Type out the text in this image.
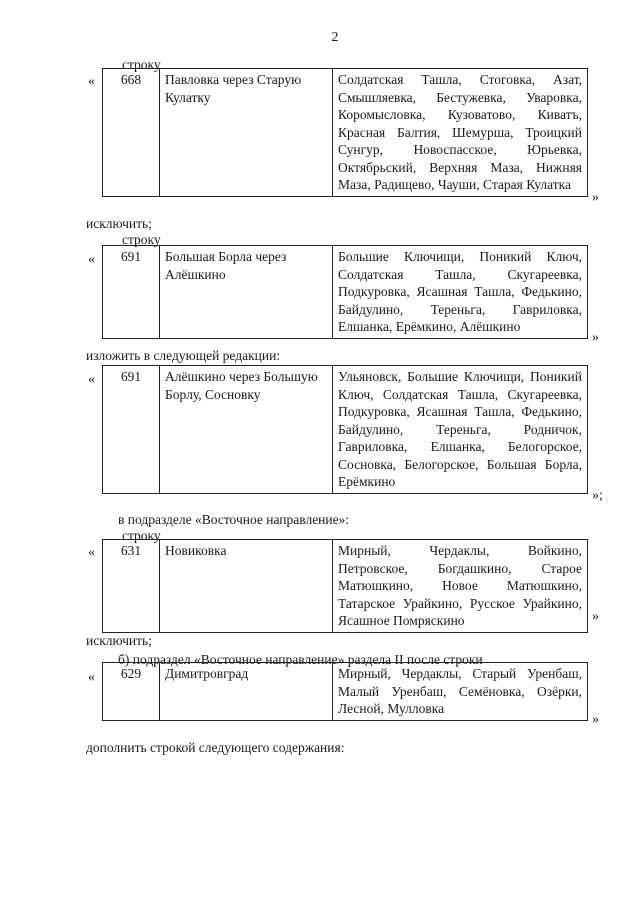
2
строку
« 668	Павловка через Старую Кулатку	Солдатская Ташла, Стоговка, Азат, Смышляевка, Бестужевка, Уваровка, Коромысловка, Кузоватово, Киватъ, Красная Балтия, Шемурша, Троицкий Сунгур, Новоспасское, Юрьевка, Октябрьский, Верхняя Маза, Нижняя Маза, Радищево, Чауши, Старая Кулатка
»
исключить;
строку
« 691	Большая Борла через Алёшкино	Большие Ключищи, Поникий Ключ, Солдатская Ташла, Скугареевка, Подкуровка, Ясашная Ташла, Федькино, Байдулино, Тереньга, Гавриловка, Елшанка, Ерёмкино, Алёшкино
»
изложить в следующей редакции:
« 691	Алёшкино через Большую Борлу, Сосновку	Ульяновск, Большие Ключищи, Поникий Ключ, Солдатская Ташла, Скугареевка, Подкуровка, Ясашная Ташла, Федькино, Байдулино, Тереньга, Родничок, Гавриловка, Елшанка, Белогорское, Сосновка, Белогорское, Большая Борла, Ерёмкино
»;
в подразделе «Восточное направление»:
строку
« 631	Новиковка	Мирный, Чердаклы, Войкино, Петровское, Богдашкино, Старое Матюшкино, Новое Матюшкино, Татарское Урайкино, Русское Урайкино, Ясашное Помряскино	»
исключить;
б) подраздел «Восточное направление» раздела II после строки
« 629	Димитровград	Мирный, Чердаклы, Старый Уренбаш, Малый Уренбаш, Семёновка, Озёрки, Лесной, Мулловка
»
дополнить строкой следующего содержания:
